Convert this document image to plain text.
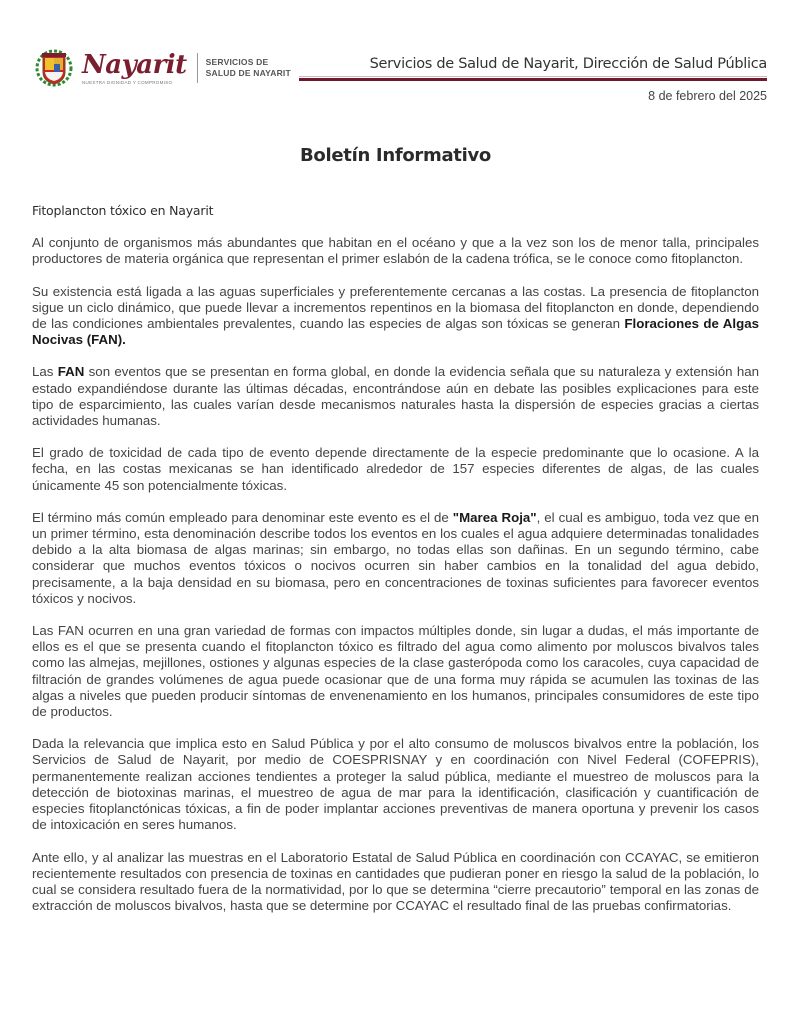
Nayarit
NUESTRA DIGNIDAD Y COMPROMISO
SERVICIOS DE
SALUD DE NAYARIT
Servicios de Salud de Nayarit, Dirección de Salud Pública
8 de febrero del 2025
Boletín Informativo
Fitoplancton tóxico en Nayarit

Al conjunto de organismos más abundantes que habitan en el océano y que a la vez son los de menor talla, principales productores de materia orgánica que representan el primer eslabón de la cadena trófica, se le conoce como fitoplancton.

Su existencia está ligada a las aguas superficiales y preferentemente cercanas a las costas. La presencia de fitoplancton sigue un ciclo dinámico, que puede llevar a incrementos repentinos en la biomasa del fitoplancton en donde, dependiendo de las condiciones ambientales prevalentes, cuando las especies de algas son tóxicas se generan Floraciones de Algas Nocivas (FAN).

Las FAN son eventos que se presentan en forma global, en donde la evidencia señala que su naturaleza y extensión han estado expandiéndose durante las últimas décadas, encontrándose aún en debate las posibles explicaciones para este tipo de esparcimiento, las cuales varían desde mecanismos naturales hasta la dispersión de especies gracias a ciertas actividades humanas.

El grado de toxicidad de cada tipo de evento depende directamente de la especie predominante que lo ocasione. A la fecha, en las costas mexicanas se han identificado alrededor de 157 especies diferentes de algas, de las cuales únicamente 45 son potencialmente tóxicas.

El término más común empleado para denominar este evento es el de "Marea Roja", el cual es ambiguo, toda vez que en un primer término, esta denominación describe todos los eventos en los cuales el agua adquiere determinadas tonalidades debido a la alta biomasa de algas marinas; sin embargo, no todas ellas son dañinas. En un segundo término, cabe considerar que muchos eventos tóxicos o nocivos ocurren sin haber cambios en la tonalidad del agua debido, precisamente, a la baja densidad en su biomasa, pero en concentraciones de toxinas suficientes para favorecer eventos tóxicos y nocivos.

Las FAN ocurren en una gran variedad de formas con impactos múltiples donde, sin lugar a dudas, el más importante de ellos es el que se presenta cuando el fitoplancton tóxico es filtrado del agua como alimento por moluscos bivalvos tales como las almejas, mejillones, ostiones y algunas especies de la clase gasterópoda como los caracoles, cuya capacidad de filtración de grandes volúmenes de agua puede ocasionar que de una forma muy rápida se acumulen las toxinas de las algas a niveles que pueden producir síntomas de envenenamiento en los humanos, principales consumidores de este tipo de productos.

Dada la relevancia que implica esto en Salud Pública y por el alto consumo de moluscos bivalvos entre la población, los Servicios de Salud de Nayarit, por medio de COESPRISNAY y en coordinación con Nivel Federal (COFEPRIS), permanentemente realizan acciones tendientes a proteger la salud pública, mediante el muestreo de moluscos para la detección de biotoxinas marinas, el muestreo de agua de mar para la identificación, clasificación y cuantificación de especies fitoplanctónicas tóxicas, a fin de poder implantar acciones preventivas de manera oportuna y prevenir los casos de intoxicación en seres humanos.

Ante ello, y al analizar las muestras en el Laboratorio Estatal de Salud Pública en coordinación con CCAYAC, se emitieron recientemente resultados con presencia de toxinas en cantidades que pudieran poner en riesgo la salud de la población, lo cual se considera resultado fuera de la normatividad, por lo que se determina “cierre precautorio” temporal en las zonas de extracción de moluscos bivalvos, hasta que se determine por CCAYAC el resultado final de las pruebas confirmatorias.
